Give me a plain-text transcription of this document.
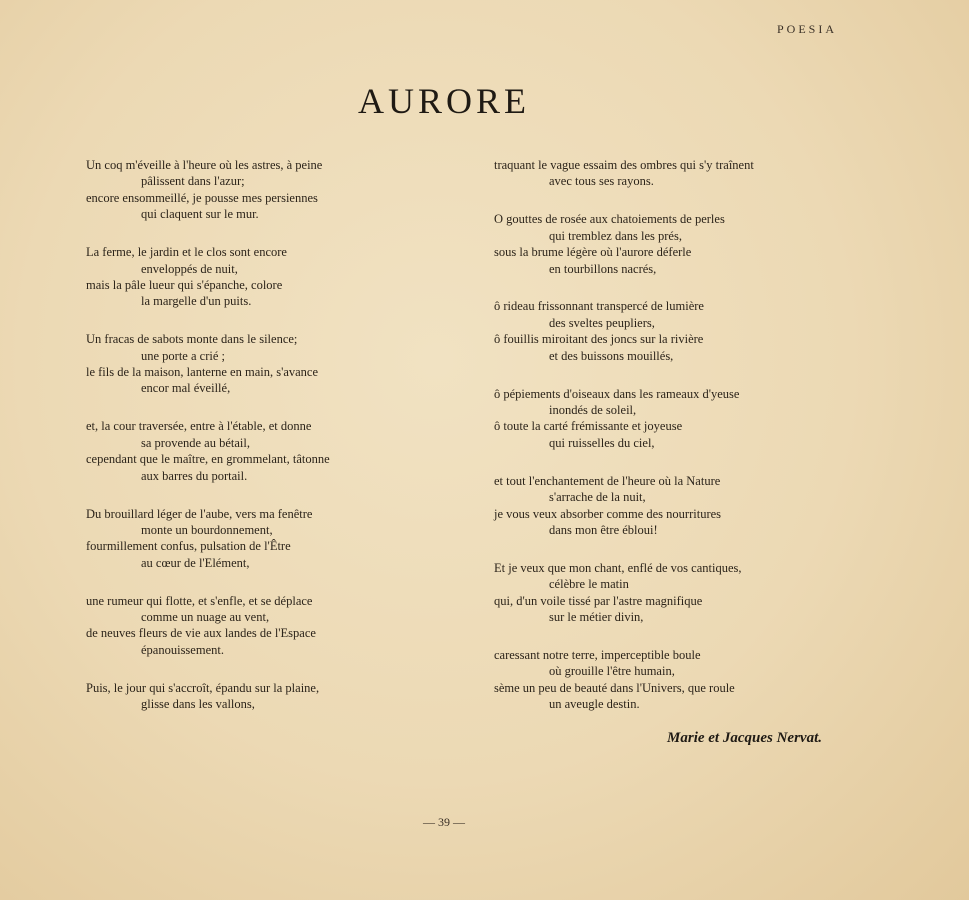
POESIA
AURORE
Un coq m'éveille à l'heure où les astres, à peine
pâlissent dans l'azur;
encore ensommeillé, je pousse mes persiennes
qui claquent sur le mur.
La ferme, le jardin et le clos sont encore
enveloppés de nuit,
mais la pâle lueur qui s'épanche, colore
la margelle d'un puits.
Un fracas de sabots monte dans le silence;
une porte a crié ;
le fils de la maison, lanterne en main, s'avance
encor mal éveillé,
et, la cour traversée, entre à l'étable, et donne
sa provende au bétail,
cependant que le maître, en grommelant, tâtonne
aux barres du portail.
Du brouillard léger de l'aube, vers ma fenêtre
monte un bourdonnement,
fourmillement confus, pulsation de l'Être
au cœur de l'Elément,
une rumeur qui flotte, et s'enfle, et se déplace
comme un nuage au vent,
de neuves fleurs de vie aux landes de l'Espace
épanouissement.
Puis, le jour qui s'accroît, épandu sur la plaine,
glisse dans les vallons,
traquant le vague essaim des ombres qui s'y traînent
avec tous ses rayons.
O gouttes de rosée aux chatoiements de perles
qui tremblez dans les prés,
sous la brume légère où l'aurore déferle
en tourbillons nacrés,
ô rideau frissonnant transpercé de lumière
des sveltes peupliers,
ô fouillis miroitant des joncs sur la rivière
et des buissons mouillés,
ô pépiements d'oiseaux dans les rameaux d'yeuse
inondés de soleil,
ô toute la carté frémissante et joyeuse
qui ruisselles du ciel,
et tout l'enchantement de l'heure où la Nature
s'arrache de la nuit,
je vous veux absorber comme des nourritures
dans mon être ébloui!
Et je veux que mon chant, enflé de vos cantiques,
célèbre le matin
qui, d'un voile tissé par l'astre magnifique
sur le métier divin,
caressant notre terre, imperceptible boule
où grouille l'être humain,
sème un peu de beauté dans l'Univers, que roule
un aveugle destin.
Marie et Jacques Nervat.
— 39 —
